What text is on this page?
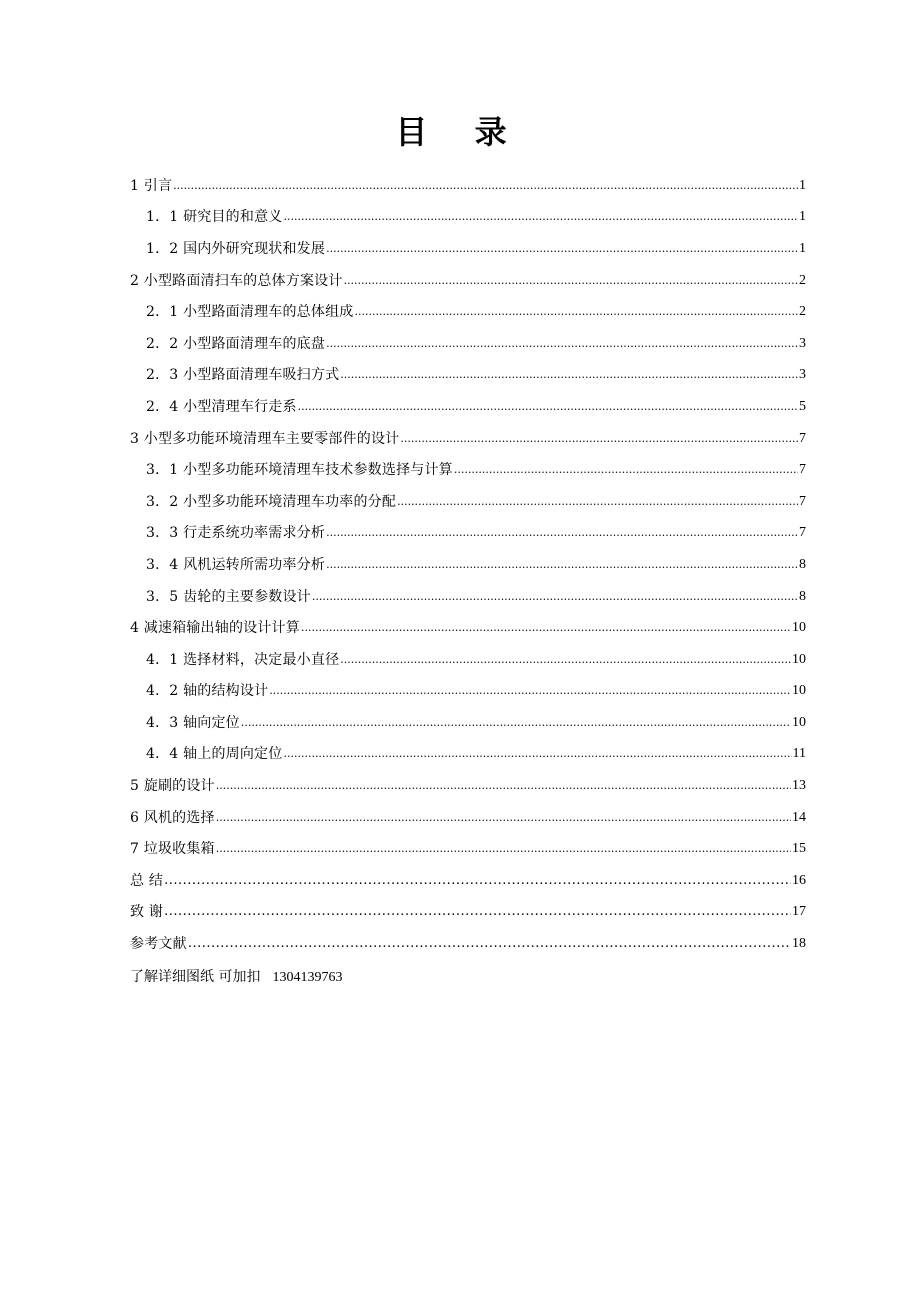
目 录
1 引言 .....	1
1．1 研究目的和意义 .....	1
1．2 国内外研究现状和发展 .....	1
2 小型路面清扫车的总体方案设计 .....	2
2．1 小型路面清理车的总体组成 .....	2
2．2 小型路面清理车的底盘 .....	3
2．3 小型路面清理车吸扫方式 .....	3
2．4 小型清理车行走系 .....	5
3 小型多功能环境清理车主要零部件的设计 .....	7
3．1 小型多功能环境清理车技术参数选择与计算 .....	7
3．2 小型多功能环境清理车功率的分配 .....	7
3．3 行走系统功率需求分析 .....	7
3．4 风机运转所需功率分析 .....	8
3．5 齿轮的主要参数设计 .....	8
4 减速箱输出轴的设计计算 .....	10
4．1 选择材料，决定最小直径 .....	10
4．2 轴的结构设计 .....	10
4．3 轴向定位 .....	10
4．4 轴上的周向定位 .....	11
5 旋刷的设计 .....	13
6 风机的选择 .....	14
7 垃圾收集箱 .....	15
总 结 .....	16
致 谢 .....	17
参考文献 .....	18
了解详细图纸 可加扣 1304139763
